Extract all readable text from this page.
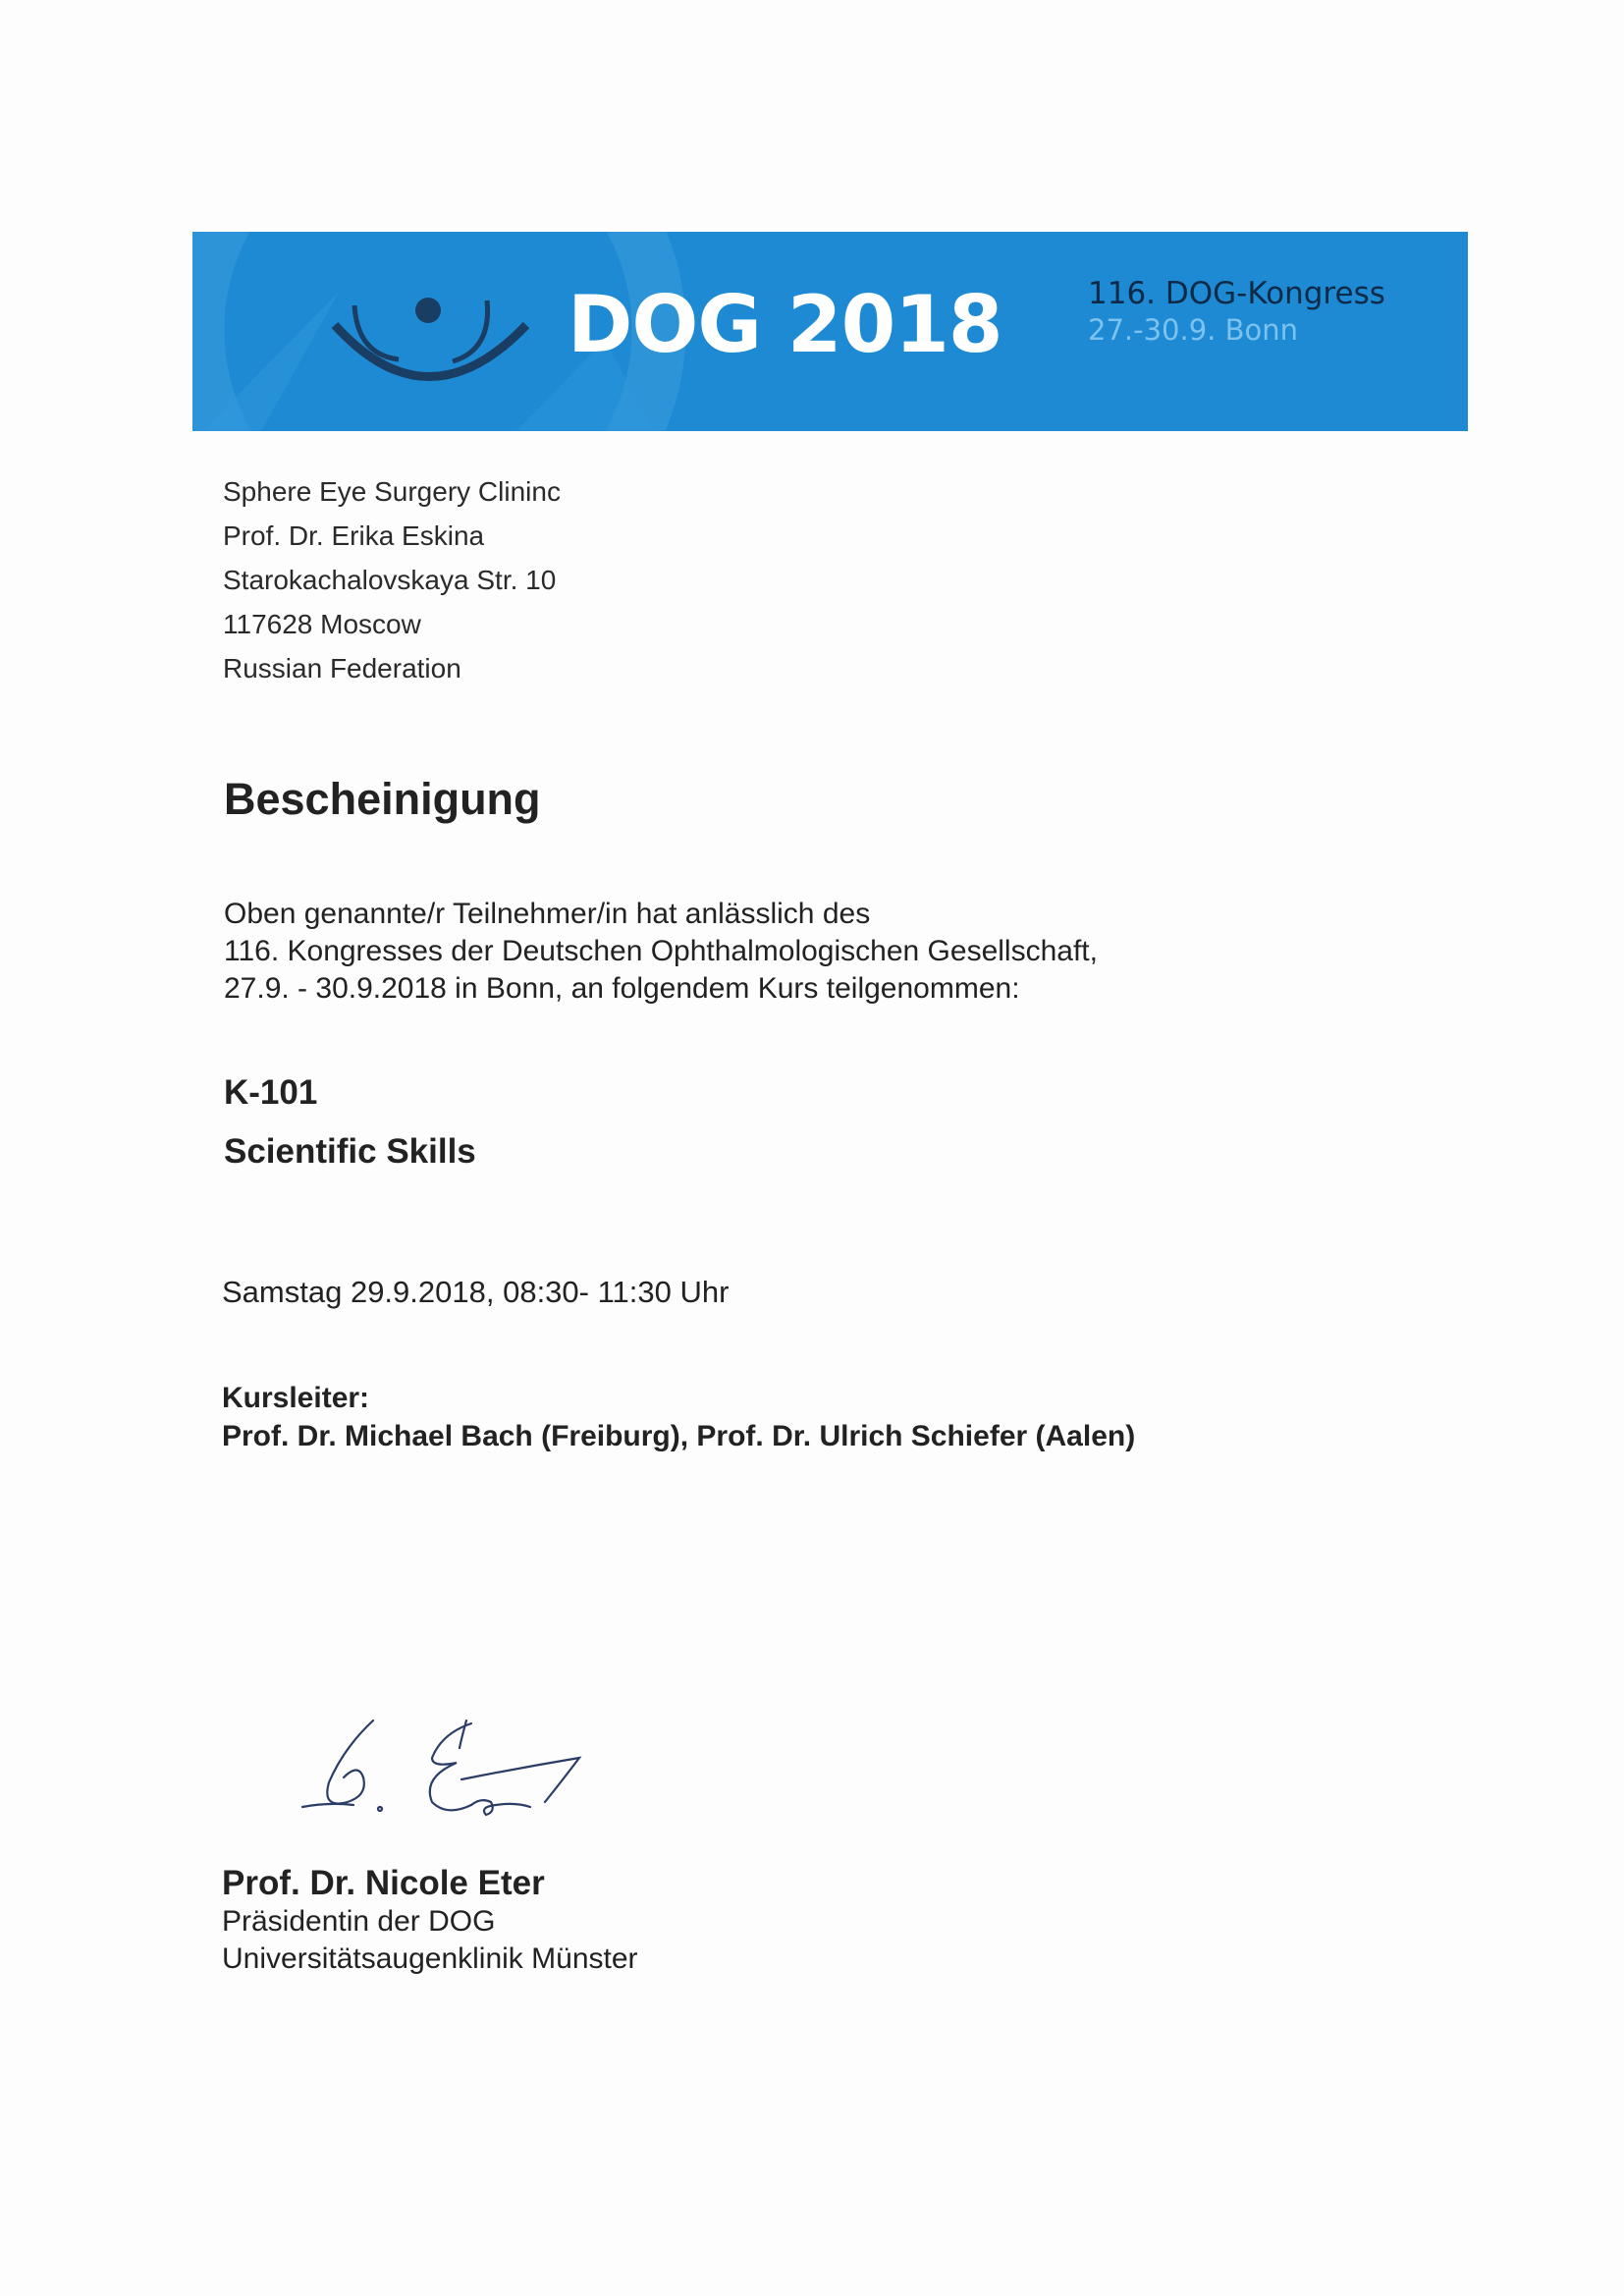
DOG 2018	116. DOG-Kongress
27.-30.9. Bonn
Sphere Eye Surgery Clininc
Prof. Dr. Erika Eskina
Starokachalovskaya Str. 10
117628 Moscow
Russian Federation
Bescheinigung
Oben genannte/r Teilnehmer/in hat anlässlich des
116. Kongresses der Deutschen Ophthalmologischen Gesellschaft,
27.9. - 30.9.2018 in Bonn, an folgendem Kurs teilgenommen:
K-101
Scientific Skills
Samstag 29.9.2018, 08:30- 11:30 Uhr
Kursleiter:
Prof. Dr. Michael Bach (Freiburg), Prof. Dr. Ulrich Schiefer (Aalen)
Prof. Dr. Nicole Eter
Präsidentin der DOG
Universitätsaugenklinik Münster
